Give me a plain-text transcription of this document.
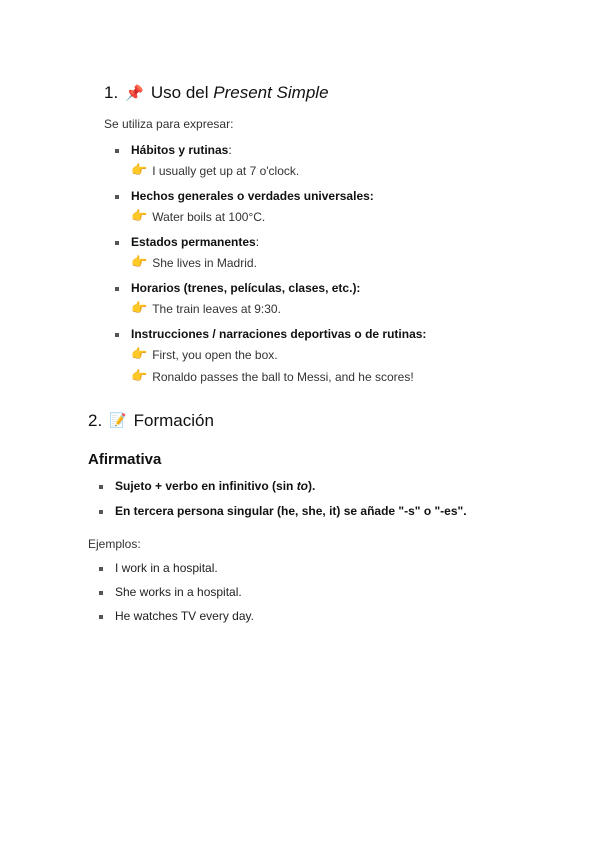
1. 📌 Uso del Present Simple

Se utiliza para expresar:

Hábitos y rutinas:
👉 I usually get up at 7 o'clock.
Hechos generales o verdades universales:
👉 Water boils at 100°C.
Estados permanentes:
👉 She lives in Madrid.
Horarios (trenes, películas, clases, etc.):
👉 The train leaves at 9:30.
Instrucciones / narraciones deportivas o de rutinas:
👉 First, you open the box.
👉 Ronaldo passes the ball to Messi, and he scores!
2. 📝 Formación
Afirmativa
Sujeto + verbo en infinitivo (sin to).
En tercera persona singular (he, she, it) se añade "-s" o "-es".

Ejemplos:

I work in a hospital.
She works in a hospital.
He watches TV every day.
